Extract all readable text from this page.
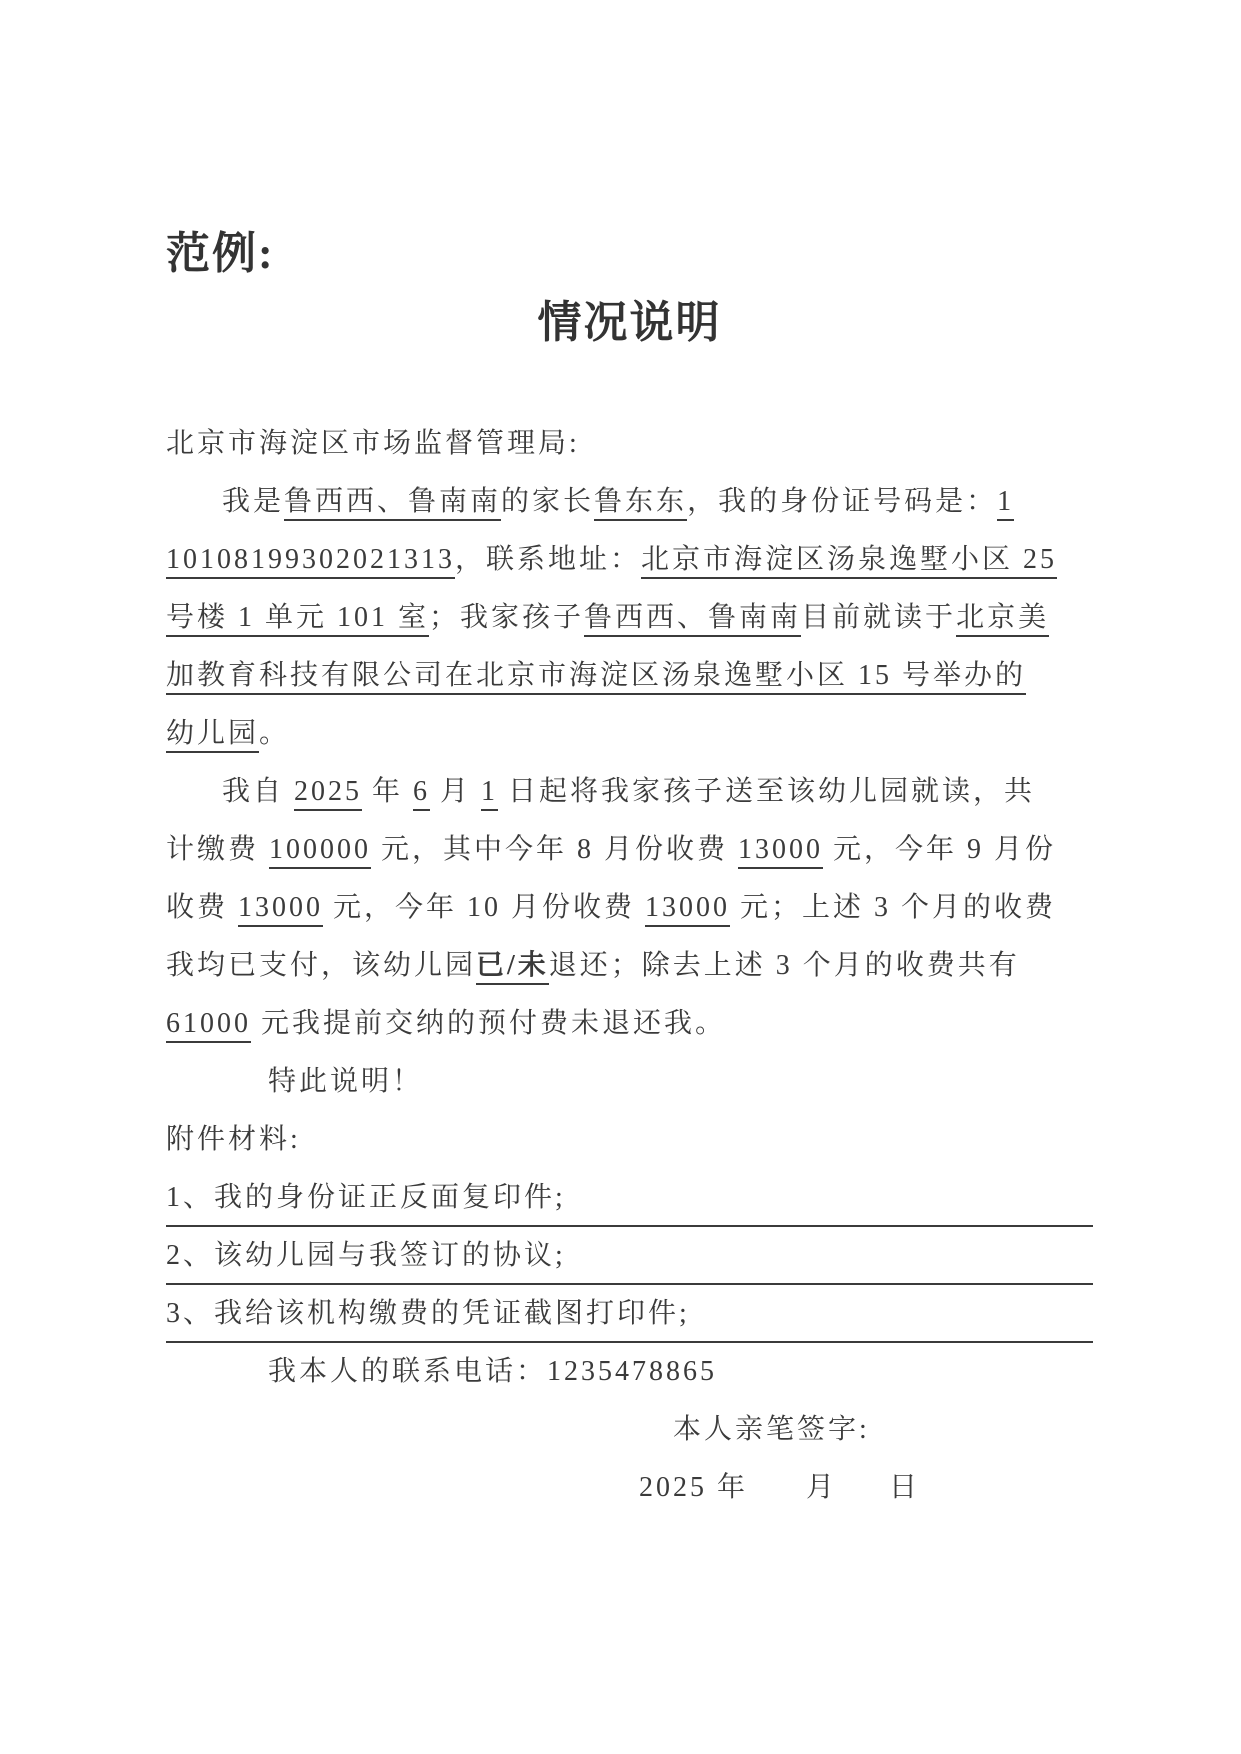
范例:
情况说明
北京市海淀区市场监督管理局:
我是鲁西西、鲁南南的家长鲁东东，我的身份证号码是：1
10108199302021313，联系地址：北京市海淀区汤泉逸墅小区 25
号楼 1 单元 101 室；我家孩子鲁西西、鲁南南目前就读于北京美
加教育科技有限公司在北京市海淀区汤泉逸墅小区 15 号举办的
幼儿园。
我自 2025 年 6 月 1 日起将我家孩子送至该幼儿园就读，共
计缴费 100000 元，其中今年 8 月份收费 13000 元，今年 9 月份
收费 13000 元，今年 10 月份收费 13000 元；上述 3 个月的收费
我均已支付，该幼儿园已/未退还；除去上述 3 个月的收费共有
61000 元我提前交纳的预付费未退还我。
特此说明！
附件材料:
1、我的身份证正反面复印件;
2、该幼儿园与我签订的协议;
3、我给该机构缴费的凭证截图打印件;
我本人的联系电话：1235478865
本人亲笔签字:
2025 年 月 日
